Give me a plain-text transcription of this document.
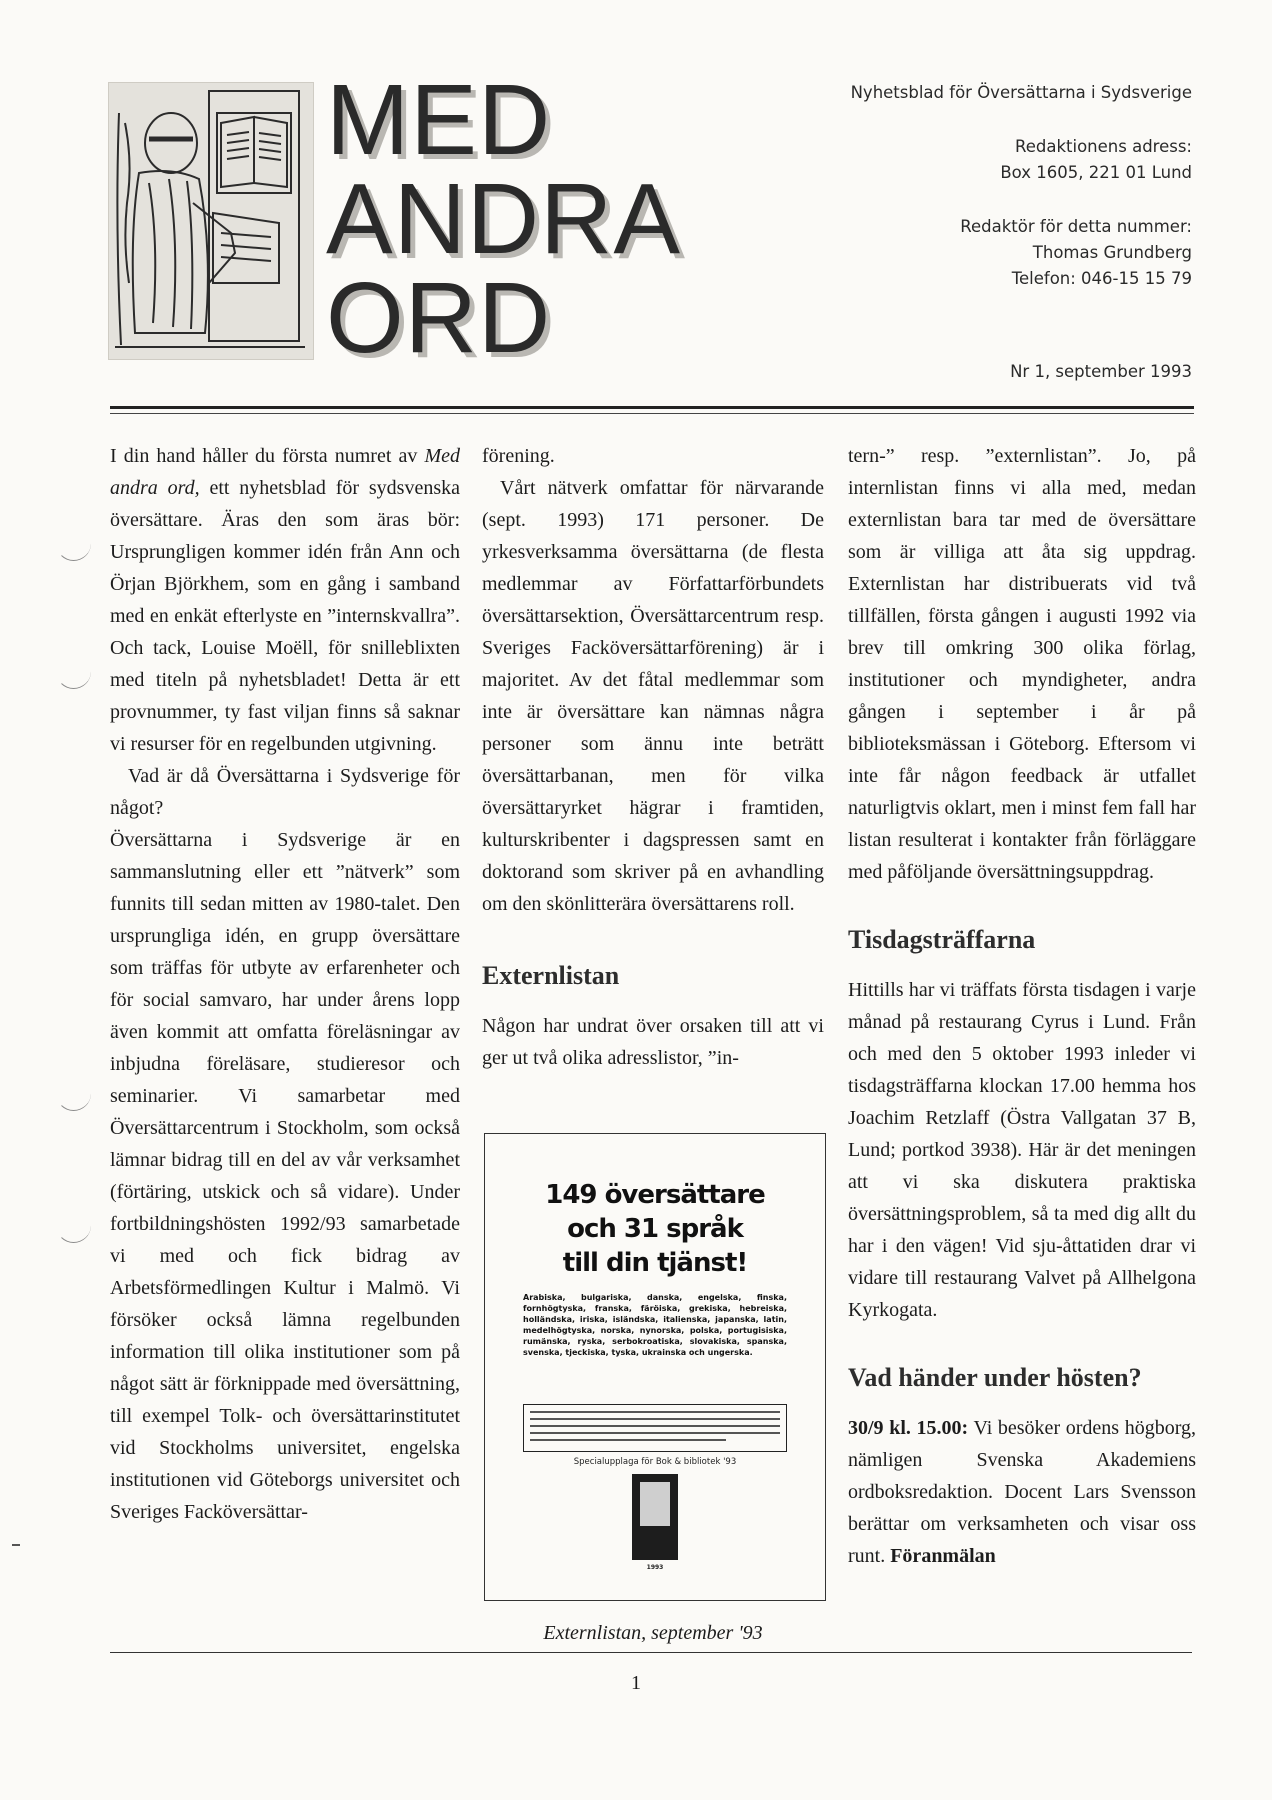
MED
ANDRA
ORD

Nyhetsblad för Översättarna i Sydsverige

Redaktionens adress:

Box 1605, 221 01 Lund

Redaktör för detta nummer:

Thomas Grundberg

Telefon: 046-15 15 79

Nr 1, september 1993

I din hand håller du första numret av Med andra ord, ett nyhetsblad för sydsvenska översättare. Äras den som äras bör: Ursprungligen kommer idén från Ann och Örjan Björkhem, som en gång i samband med en enkät efterlyste en ”internskvallra”. Och tack, Louise Moëll, för snilleblixten med titeln på nyhetsbladet! Detta är ett provnummer, ty fast viljan finns så saknar vi resurser för en regelbunden utgivning.

Vad är då Översättarna i Sydsverige för något?

Översättarna i Sydsverige är en sammanslutning eller ett ”nätverk” som funnits till sedan mitten av 1980-talet. Den ursprungliga idén, en grupp översättare som träffas för utbyte av erfarenheter och för social samvaro, har under årens lopp även kommit att omfatta föreläsningar av inbjudna föreläsare, studieresor och seminarier. Vi samarbetar med Översättarcentrum i Stockholm, som också lämnar bidrag till en del av vår verksamhet (förtäring, utskick och så vidare). Under fortbildningshösten 1992/93 samarbetade vi med och fick bidrag av Arbetsförmedlingen Kultur i Malmö. Vi försöker också lämna regelbunden information till olika institutioner som på något sätt är förknippade med översättning, till exempel Tolk- och översättarinstitutet vid Stockholms universitet, engelska institutionen vid Göteborgs universitet och Sveriges Facköversättar-

förening.

Vårt nätverk omfattar för närvarande (sept. 1993) 171 personer. De yrkesverksamma översättarna (de flesta medlemmar av Författarförbundets översättarsektion, Översättarcentrum resp. Sveriges Facköversättarförening) är i majoritet. Av det fåtal medlemmar som inte är översättare kan nämnas några personer som ännu inte beträtt översättarbanan, men för vilka översättaryrket hägrar i framtiden, kulturskribenter i dagspressen samt en doktorand som skriver på en avhandling om den skönlitterära översättarens roll.

Externlistan

Någon har undrat över orsaken till att vi ger ut två olika adresslistor, ”in-

149 översättare
och 31 språk
till din tjänst!
Arabiska, bulgariska, danska, engelska, finska, fornhögtyska, franska, färöiska, grekiska, hebreiska, holländska, iriska, isländska, italienska, japanska, latin, medelhögtyska, norska, nynorska, polska, portugisiska, rumänska, ryska, serbokroatiska, slovakiska, spanska, svenska, tjeckiska, tyska, ukrainska och ungerska.
Specialupplaga för Bok & bibliotek '93
1993
Externlistan, september '93

tern-” resp. ”externlistan”. Jo, på internlistan finns vi alla med, medan externlistan bara tar med de översättare som är villiga att åta sig uppdrag. Externlistan har distribuerats vid två tillfällen, första gången i augusti 1992 via brev till omkring 300 olika förlag, institutioner och myndigheter, andra gången i september i år på biblioteksmässan i Göteborg. Eftersom vi inte får någon feedback är utfallet naturligtvis oklart, men i minst fem fall har listan resulterat i kontakter från förläggare med påföljande översättningsuppdrag.

Tisdagsträffarna

Hittills har vi träffats första tisdagen i varje månad på restaurang Cyrus i Lund. Från och med den 5 oktober 1993 inleder vi tisdagsträffarna klockan 17.00 hemma hos Joachim Retzlaff (Östra Vallgatan 37 B, Lund; portkod 3938). Här är det meningen att vi ska diskutera praktiska översättningsproblem, så ta med dig allt du har i den vägen! Vid sju-åttatiden drar vi vidare till restaurang Valvet på Allhelgona Kyrkogata.

Vad händer under hösten?

30/9 kl. 15.00: Vi besöker ordens högborg, nämligen Svenska Akademiens ordboksredaktion. Docent Lars Svensson berättar om verksamheten och visar oss runt. Föranmälan

1
